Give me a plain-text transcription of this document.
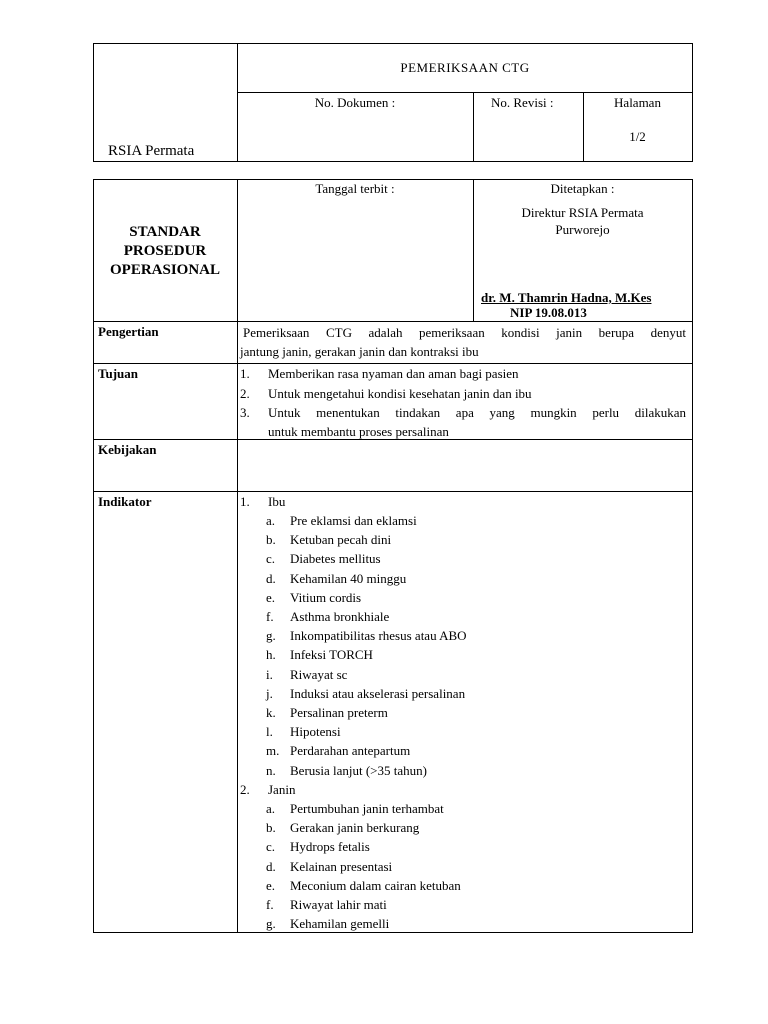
RSIA Permata
PEMERIKSAAN CTG
No. Dokumen :	No. Revisi :	Halaman
1/2
STANDAR
PROSEDUR
OPERASIONAL
Tanggal terbit :	Ditetapkan :
Direktur RSIA Permata
Purworejo
dr. M. Thamrin Hadna, M.Kes
NIP 19.08.013
Pengertian	Pemeriksaan CTG adalah pemeriksaan kondisi janin berupa denyut
jantung janin, gerakan janin dan kontraksi ibu
Tujuan	1. Memberikan rasa nyaman dan aman bagi pasien
2. Untuk mengetahui kondisi kesehatan janin dan ibu
3. Untuk menentukan tindakan apa yang mungkin perlu dilakukan
untuk membantu proses persalinan
Kebijakan
Indikator	1. Ibu
a. Pre eklamsi dan eklamsi
b. Ketuban pecah dini
c. Diabetes mellitus
d. Kehamilan 40 minggu
e. Vitium cordis
f. Asthma bronkhiale
g. Inkompatibilitas rhesus atau ABO
h. Infeksi TORCH
i. Riwayat sc
j. Induksi atau akselerasi persalinan
k. Persalinan preterm
l. Hipotensi
m. Perdarahan antepartum
n. Berusia lanjut (>35 tahun)
2. Janin
a. Pertumbuhan janin terhambat
b. Gerakan janin berkurang
c. Hydrops fetalis
d. Kelainan presentasi
e. Meconium dalam cairan ketuban
f. Riwayat lahir mati
g. Kehamilan gemelli
